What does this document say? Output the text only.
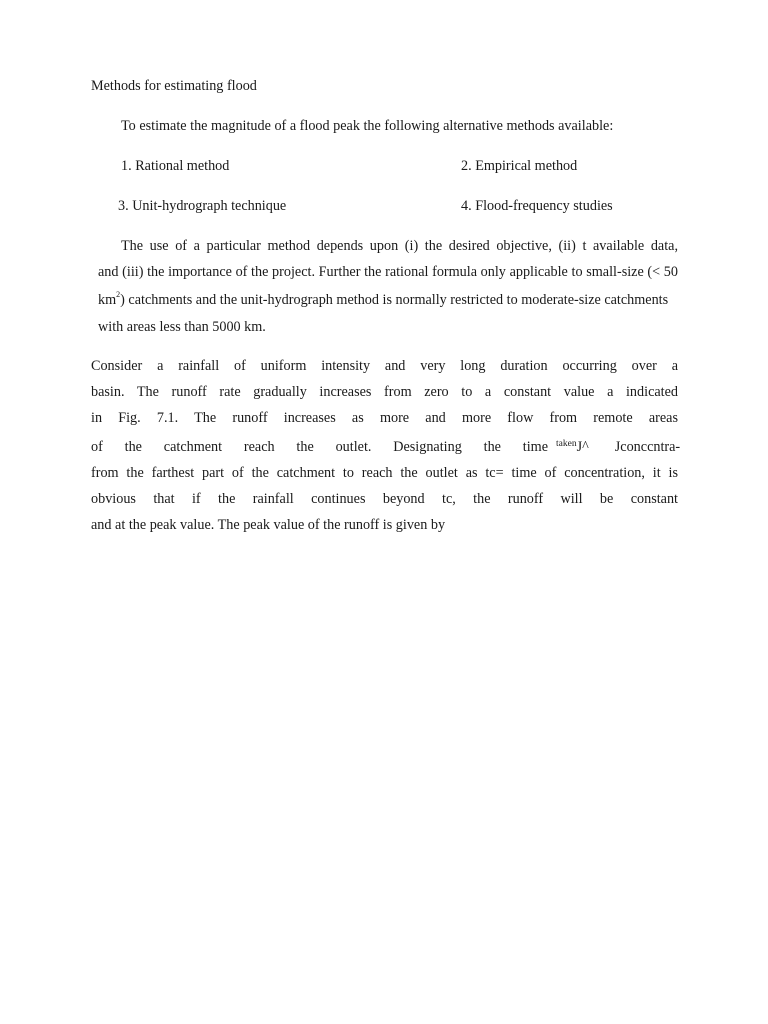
Methods for estimating flood
To estimate the magnitude of a flood peak the following alternative methods available:
1. Rational method	2. Empirical method
3. Unit-hydrograph technique	4. Flood-frequency studies
The use of a particular method depends upon (i) the desired objective, (ii) t available data,
and (iii) the importance of the project. Further the rational formula only applicable to small-size (< 50
$km^2$) catchments and the unit-hydrograph method is normally restricted to moderate-size catchments
with areas less than 5000 km.
Consider a rainfall of uniform intensity and very long duration occurring over a
basin. The runoff rate gradually increases from zero to a constant value a indicated
in Fig. 7.1. The runoff increases as more and more flow from remote areas
of the catchment reach the outlet. Designating the time $^{taken}$J^ Jconccntra-
from the farthest part of the catchment to reach the outlet as tc= time of concentration, it is
obvious that if the rainfall continues beyond tc, the runoff will be constant
and at the peak value. The peak value of the runoff is given by
